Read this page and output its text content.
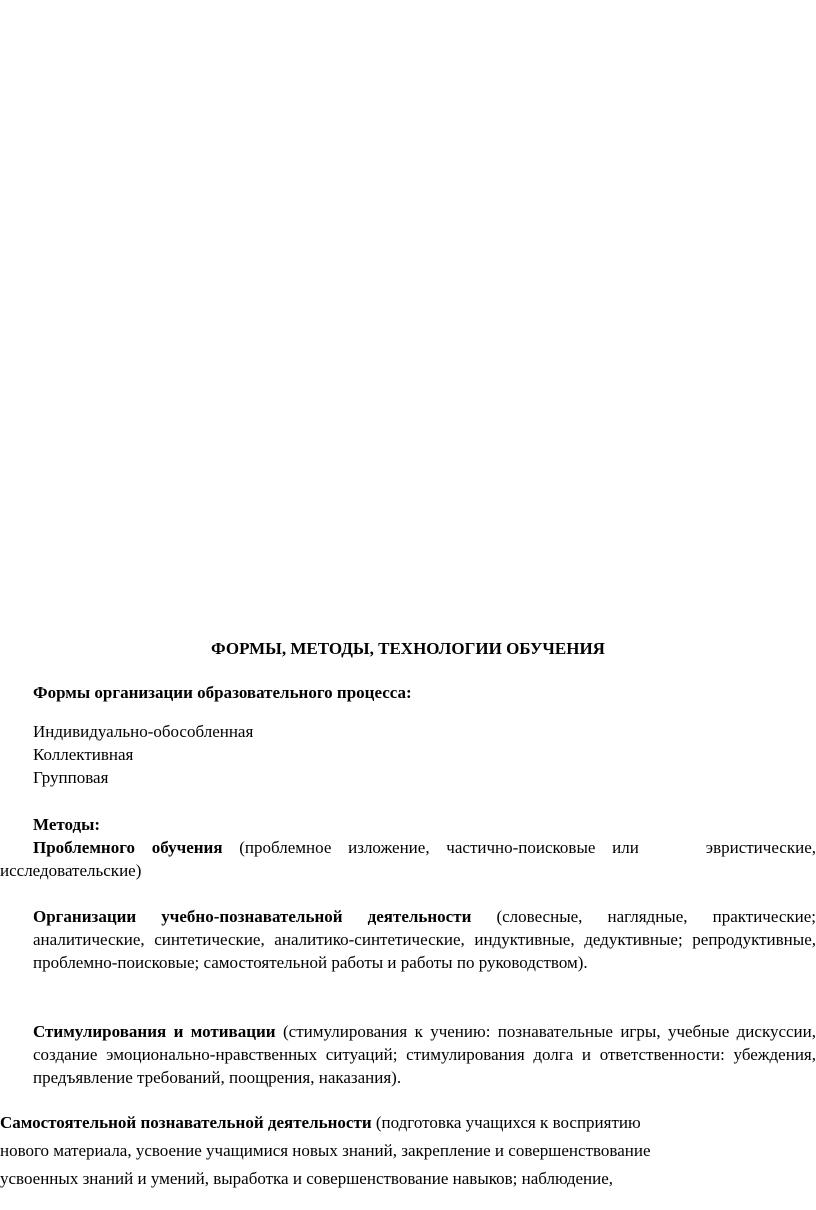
ФОРМЫ, МЕТОДЫ, ТЕХНОЛОГИИ ОБУЧЕНИЯ
Формы организации образовательного процесса:
Индивидуально-обособленная
Коллективная
Групповая
Методы:
Проблемного обучения (проблемное изложение, частично-поисковые или    эвристические,
исследовательские)
Организации учебно-познавательной деятельности (словесные, наглядные, практические; аналитические, синтетические, аналитико-синтетические, индуктивные, дедуктивные; репродуктивные, проблемно-поисковые; самостоятельной работы и работы по руководством).
Стимулирования и мотивации (стимулирования к учению: познавательные игры, учебные дискуссии, создание эмоционально-нравственных ситуаций; стимулирования долга и ответственности: убеждения, предъявление требований, поощрения, наказания).
Самостоятельной познавательной деятельности (подготовка учащихся к восприятию
нового материала, усвоение учащимися новых знаний, закрепление и совершенствование
усвоенных знаний и умений, выработка и совершенствование навыков; наблюдение,
